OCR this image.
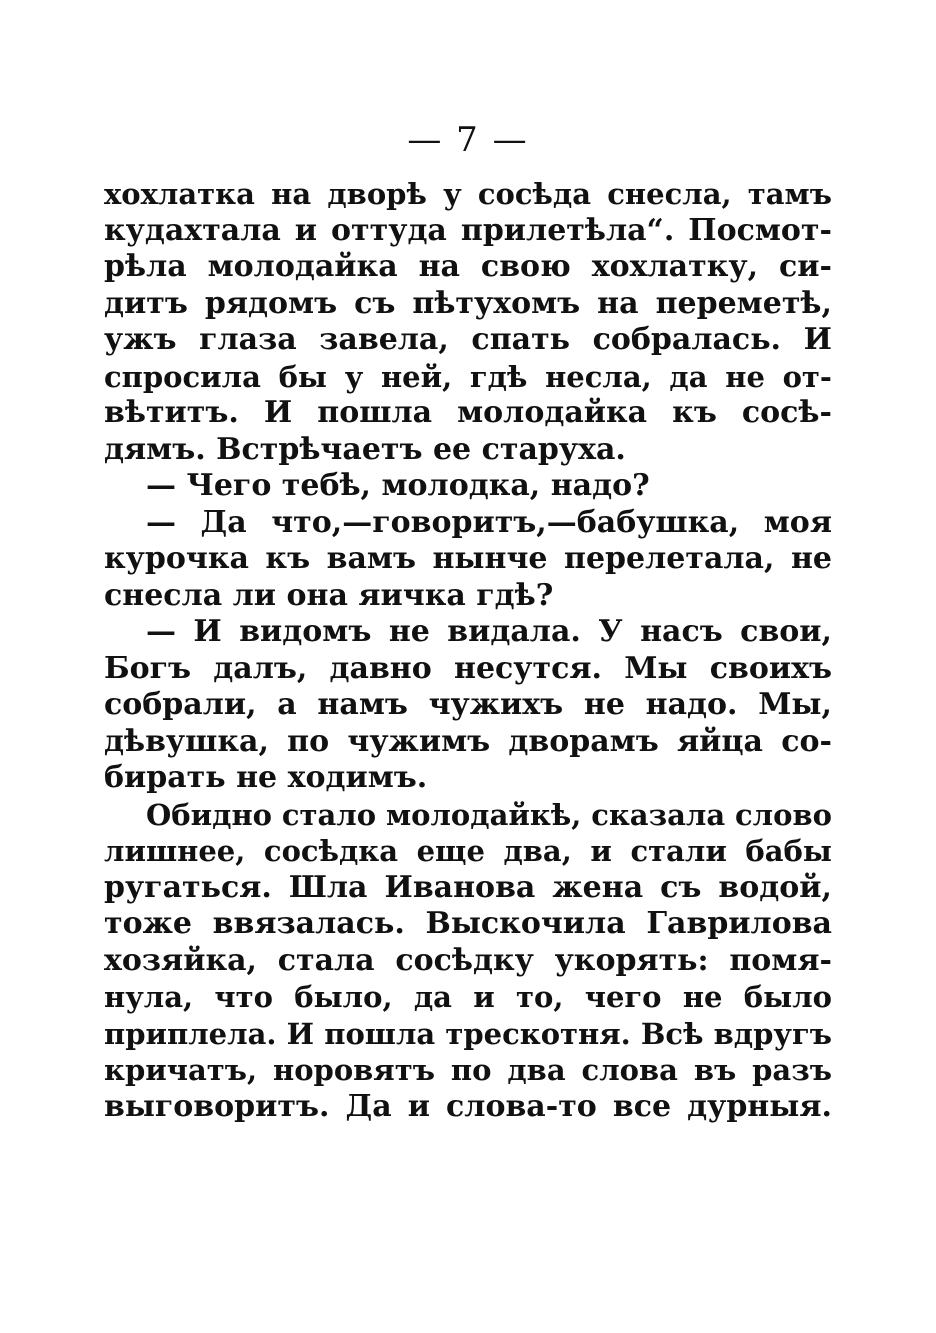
— 7 —
хохлатка на дворѣ у сосѣда снесла, тамъ
кудахтала и оттуда прилетѣла“. Посмот-
рѣла молодайка на свою хохлатку, си-
дитъ рядомъ съ пѣтухомъ на переметѣ,
ужъ глаза завела, спать собралась. И
спросила бы у ней, гдѣ несла, да не от-
вѣтитъ. И пошла молодайка къ сосѣ-
дямъ.
Встрѣчаетъ
ее
старуха.
—
Чего
тебѣ,
молодка,
надо?
— Да что,—говоритъ,—бабушка, моя
курочка къ вамъ нынче перелетала, не
снесла
ли
она
яичка
гдѣ?
— И видомъ не видала. У насъ свои,
Богъ далъ, давно несутся. Мы своихъ
собрали, а намъ чужихъ не надо. Мы,
дѣвушка, по чужимъ дворамъ яйца со-
бирать
не
ходимъ.
Обидно стало молодайкѣ, сказала слово
лишнее, сосѣдка еще два, и стали бабы
ругаться. Шла Иванова жена съ водой,
тоже ввязалась. Выскочила Гаврилова
хозяйка, стала сосѣдку укорять: помя-
нула, что было, да и то, чего не было
приплела. И пошла трескотня. Всѣ вдругъ
кричатъ, норовятъ по два слова въ разъ
выговоритъ. Да и слова-то все дурныя.
